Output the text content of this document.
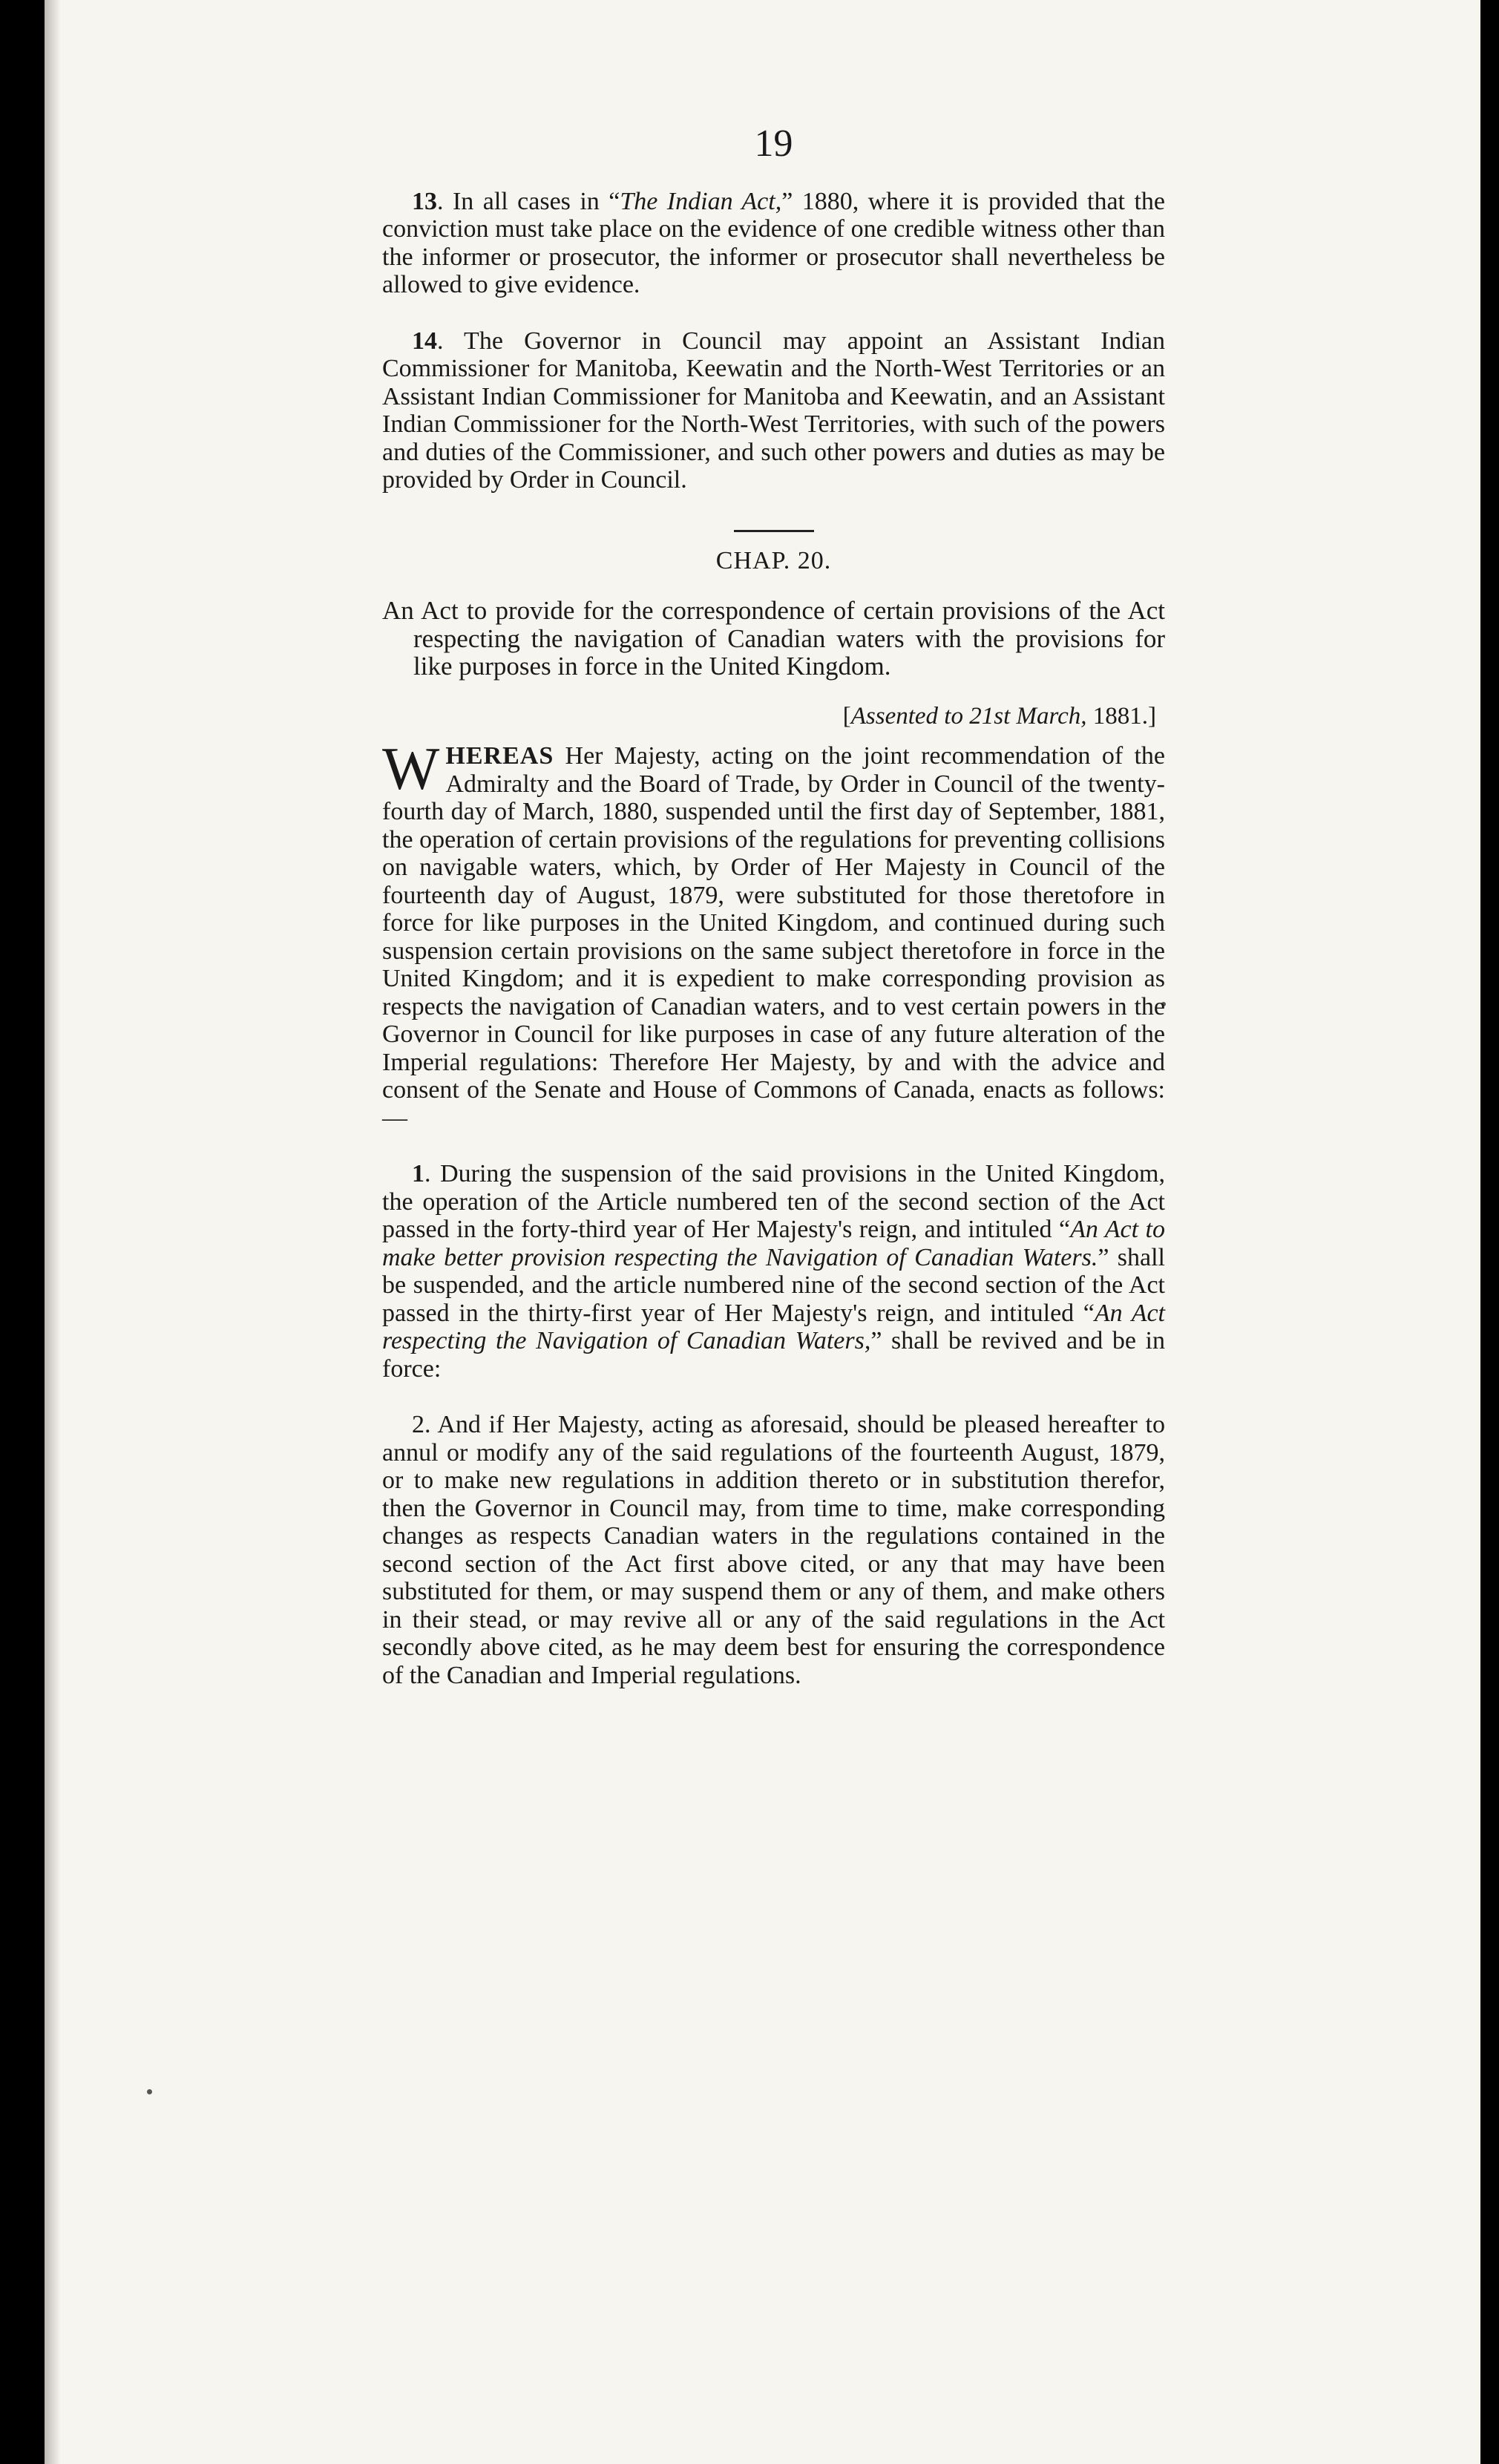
19

13. In all cases in “The Indian Act,” 1880, where it is provided that the conviction must take place on the evidence of one credible witness other than the informer or prosecutor, the informer or prosecutor shall nevertheless be allowed to give evidence.

14. The Governor in Council may appoint an Assistant Indian Commissioner for Manitoba, Keewatin and the North-West Territories or an Assistant Indian Commissioner for Manitoba and Keewatin, and an Assistant Indian Commissioner for the North-West Territories, with such of the powers and duties of the Commissioner, and such other powers and duties as may be provided by Order in Council.

CHAP. 20.

An Act to provide for the correspondence of certain provisions of the Act respecting the navigation of Canadian waters with the provisions for like purposes in force in the United Kingdom.

[Assented to 21st March, 1881.]

WHEREAS Her Majesty, acting on the joint recommendation of the Admiralty and the Board of Trade, by Order in Council of the twenty-fourth day of March, 1880, suspended until the first day of September, 1881, the operation of certain provisions of the regulations for preventing collisions on navigable waters, which, by Order of Her Majesty in Council of the fourteenth day of August, 1879, were substituted for those theretofore in force for like purposes in the United Kingdom, and continued during such suspension certain provisions on the same subject theretofore in force in the United Kingdom; and it is expedient to make corresponding provision as respects the navigation of Canadian waters, and to vest certain powers in the Governor in Council for like purposes in case of any future alteration of the Imperial regulations: Therefore Her Majesty, by and with the advice and consent of the Senate and House of Commons of Canada, enacts as follows:—

1. During the suspension of the said provisions in the United Kingdom, the operation of the Article numbered ten of the second section of the Act passed in the forty-third year of Her Majesty's reign, and intituled “An Act to make better provision respecting the Navigation of Canadian Waters.” shall be suspended, and the article numbered nine of the second section of the Act passed in the thirty-first year of Her Majesty's reign, and intituled “An Act respecting the Navigation of Canadian Waters,” shall be revived and be in force:

2. And if Her Majesty, acting as aforesaid, should be pleased hereafter to annul or modify any of the said regulations of the fourteenth August, 1879, or to make new regulations in addition thereto or in substitution therefor, then the Governor in Council may, from time to time, make corresponding changes as respects Canadian waters in the regulations contained in the second section of the Act first above cited, or any that may have been substituted for them, or may suspend them or any of them, and make others in their stead, or may revive all or any of the said regulations in the Act secondly above cited, as he may deem best for ensuring the correspondence of the Canadian and Imperial regulations.
